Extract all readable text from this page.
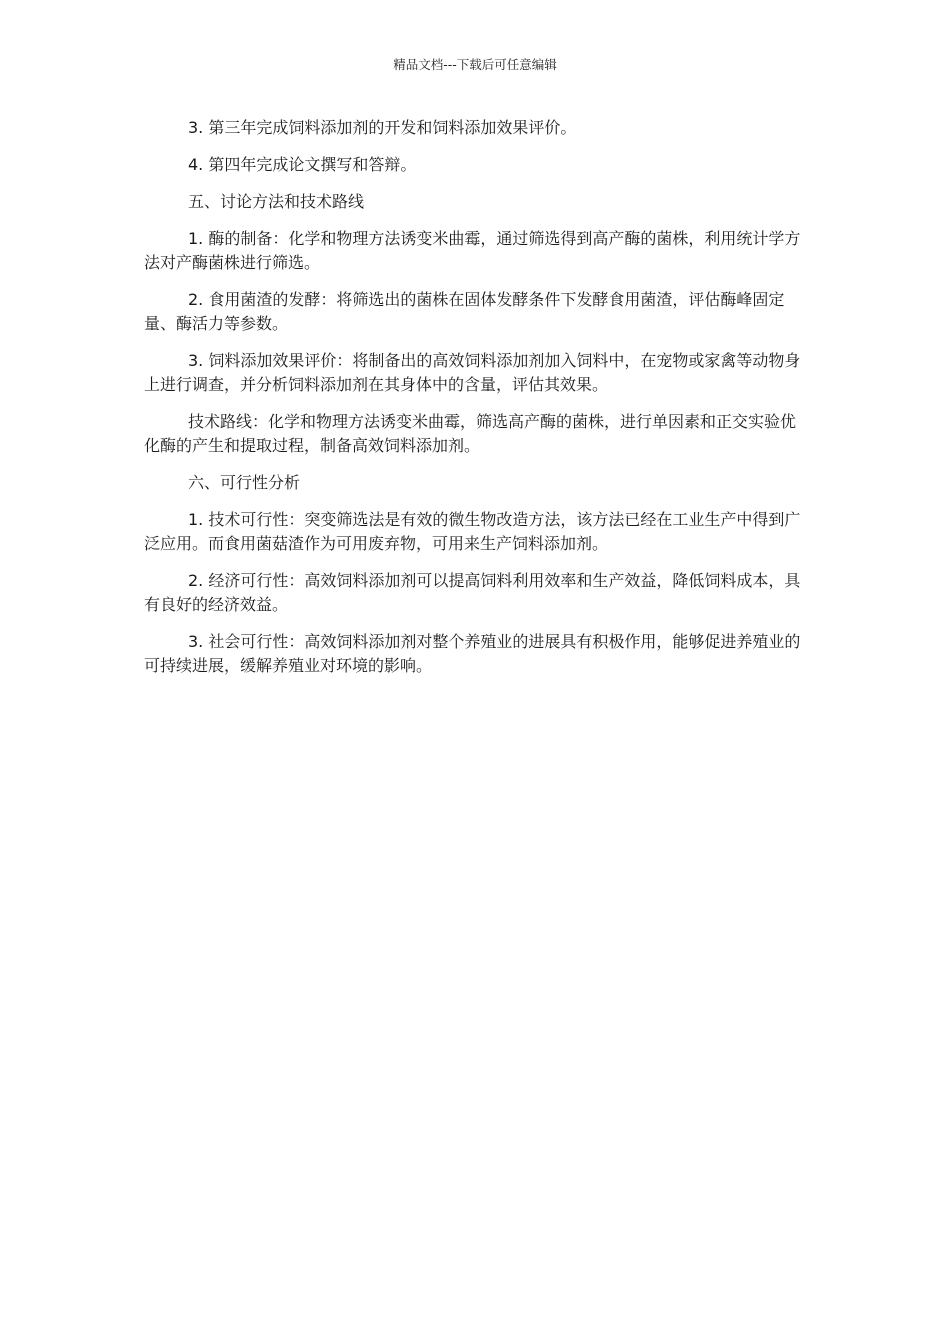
精品文档---下载后可任意编辑

3. 第三年完成饲料添加剂的开发和饲料添加效果评价。

4. 第四年完成论文撰写和答辩。

五、讨论方法和技术路线

1. 酶的制备：化学和物理方法诱变米曲霉，通过筛选得到高产酶的菌株，利用统计学方法对产酶菌株进行筛选。

2. 食用菌渣的发酵：将筛选出的菌株在固体发酵条件下发酵食用菌渣，评估酶峰固定量、酶活力等参数。

3. 饲料添加效果评价：将制备出的高效饲料添加剂加入饲料中，在宠物或家禽等动物身上进行调查，并分析饲料添加剂在其身体中的含量，评估其效果。

技术路线：化学和物理方法诱变米曲霉，筛选高产酶的菌株，进行单因素和正交实验优化酶的产生和提取过程，制备高效饲料添加剂。

六、可行性分析

1. 技术可行性：突变筛选法是有效的微生物改造方法，该方法已经在工业生产中得到广泛应用。而食用菌菇渣作为可用废弃物，可用来生产饲料添加剂。

2. 经济可行性：高效饲料添加剂可以提高饲料利用效率和生产效益，降低饲料成本，具有良好的经济效益。

3. 社会可行性：高效饲料添加剂对整个养殖业的进展具有积极作用，能够促进养殖业的可持续进展，缓解养殖业对环境的影响。
